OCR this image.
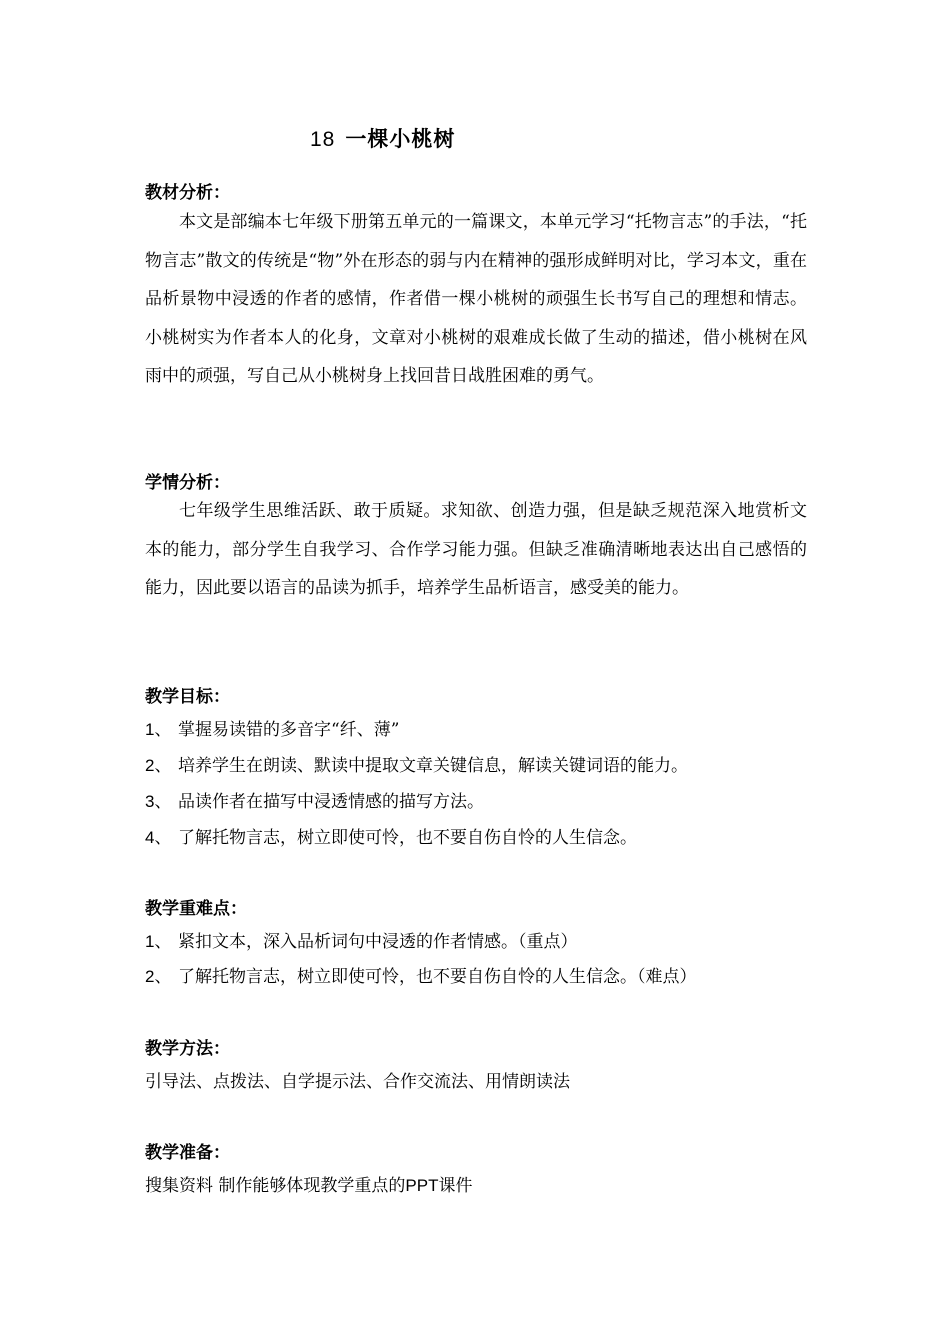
18 一棵小桃树
教材分析：
本文是部编本七年级下册第五单元的一篇课文，本单元学习“托物言志”的手法，“托物言志”散文的传统是“物”外在形态的弱与内在精神的强形成鲜明对比，学习本文，重在品析景物中浸透的作者的感情，作者借一棵小桃树的顽强生长书写自己的理想和情志。小桃树实为作者本人的化身，文章对小桃树的艰难成长做了生动的描述，借小桃树在风雨中的顽强，写自己从小桃树身上找回昔日战胜困难的勇气。
学情分析：
七年级学生思维活跃、敢于质疑。求知欲、创造力强，但是缺乏规范深入地赏析文本的能力，部分学生自我学习、合作学习能力强。但缺乏准确清晰地表达出自己感悟的能力，因此要以语言的品读为抓手，培养学生品析语言，感受美的能力。
教学目标：
1、 掌握易读错的多音字“纤、薄”
2、 培养学生在朗读、默读中提取文章关键信息，解读关键词语的能力。
3、 品读作者在描写中浸透情感的描写方法。
4、 了解托物言志，树立即使可怜，也不要自伤自怜的人生信念。
教学重难点：
1、 紧扣文本，深入品析词句中浸透的作者情感。（重点）
2、 了解托物言志，树立即使可怜，也不要自伤自怜的人生信念。（难点）
教学方法：
引导法、点拨法、自学提示法、合作交流法、用情朗读法
教学准备：
搜集资料 制作能够体现教学重点的PPT课件
